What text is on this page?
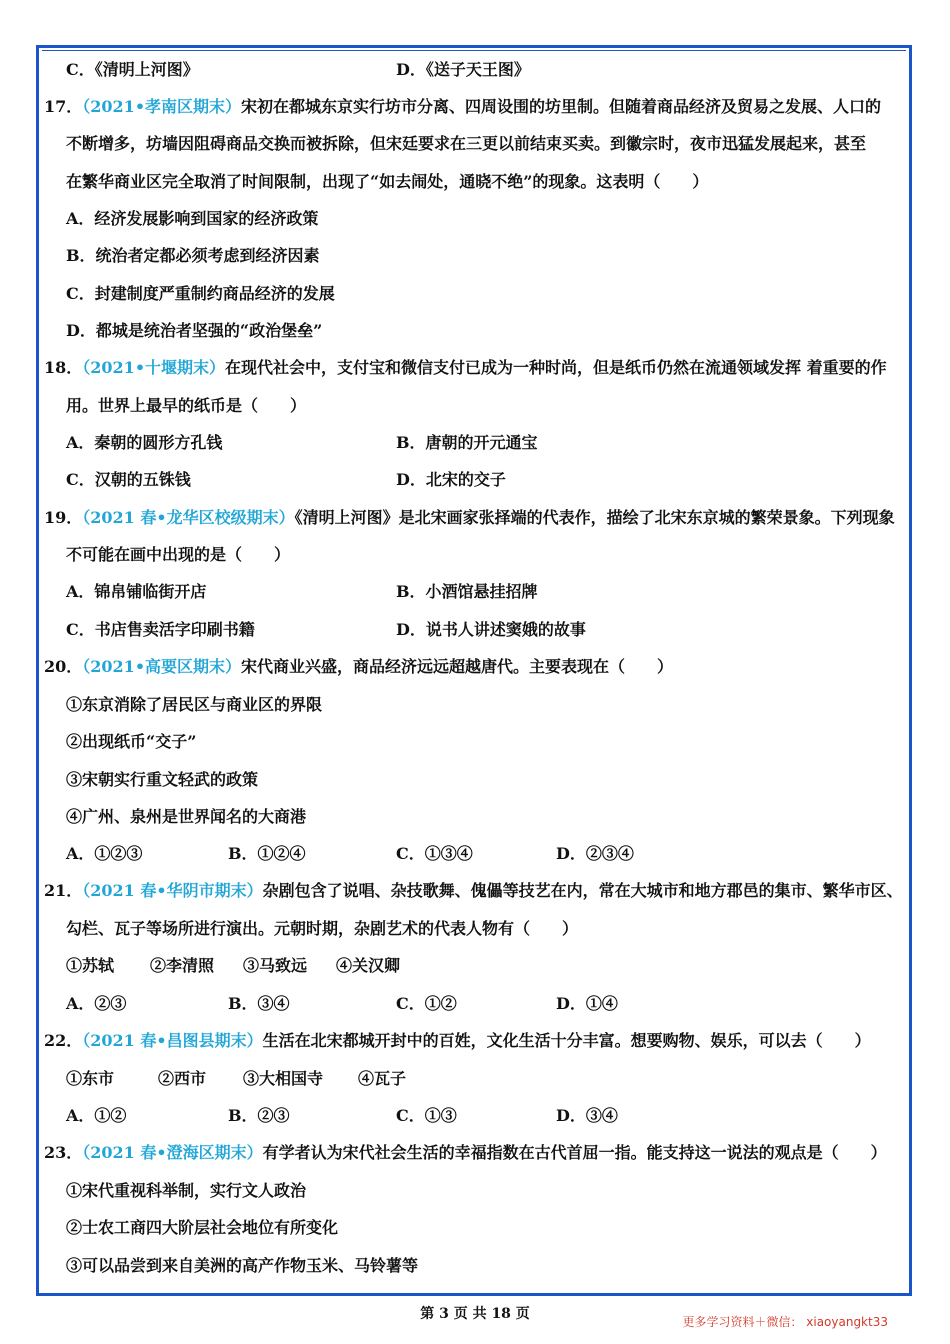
C．《清明上河图》	D．《送子天王图》
17．（2021•孝南区期末）宋初在都城东京实行坊市分离、四周设围的坊里制。但随着商品经济及贸易之发展、人口的
不断增多，坊墙因阻碍商品交换而被拆除，但宋廷要求在三更以前结束买卖。到徽宗时，夜市迅猛发展起来，甚至
在繁华商业区完全取消了时间限制，出现了“如去闹处，通晓不绝”的现象。这表明（　　）
A．经济发展影响到国家的经济政策
B．统治者定都必须考虑到经济因素
C．封建制度严重制约商品经济的发展
D．都城是统治者坚强的“政治堡垒”
18．（2021•十堰期末）在现代社会中，支付宝和微信支付已成为一种时尚，但是纸币仍然在流通领域发挥 着重要的作
用。世界上最早的纸币是（　　）
A．秦朝的圆形方孔钱	B．唐朝的开元通宝
C．汉朝的五铢钱	D．北宋的交子
19．（2021 春•龙华区校级期末）《清明上河图》是北宋画家张择端的代表作，描绘了北宋东京城的繁荣景象。下列现象
不可能在画中出现的是（　　）
A．锦帛铺临街开店	B．小酒馆悬挂招牌
C．书店售卖活字印刷书籍	D．说书人讲述窦娥的故事
20．（2021•高要区期末）宋代商业兴盛，商品经济远远超越唐代。主要表现在（　　）
①东京消除了居民区与商业区的界限
②出现纸币“交子”
③宋朝实行重文轻武的政策
④广州、泉州是世界闻名的大商港
A．①②③	B．①②④	C．①③④	D．②③④
21．（2021 春•华阴市期末）杂剧包含了说唱、杂技歌舞、傀儡等技艺在内，常在大城市和地方郡邑的集市、繁华市区、
勾栏、瓦子等场所进行演出。元朝时期，杂剧艺术的代表人物有（　　）
①苏轼 ②李清照 ③马致远 ④关汉卿
A．②③	B．③④	C．①②	D．①④
22．（2021 春•昌图县期末）生活在北宋都城开封中的百姓，文化生活十分丰富。想要购物、娱乐，可以去（　　）
①东市	②西市 ③大相国寺 ④瓦子
A．①②	B．②③	C．①③	D．③④
23．（2021 春•澄海区期末）有学者认为宋代社会生活的幸福指数在古代首屈一指。能支持这一说法的观点是（　　）
①宋代重视科举制，实行文人政治
②士农工商四大阶层社会地位有所变化
③可以品尝到来自美洲的高产作物玉米、马铃薯等
第 3 页 共 18 页	更多学习资料＋微信： xiaoyangkt33
